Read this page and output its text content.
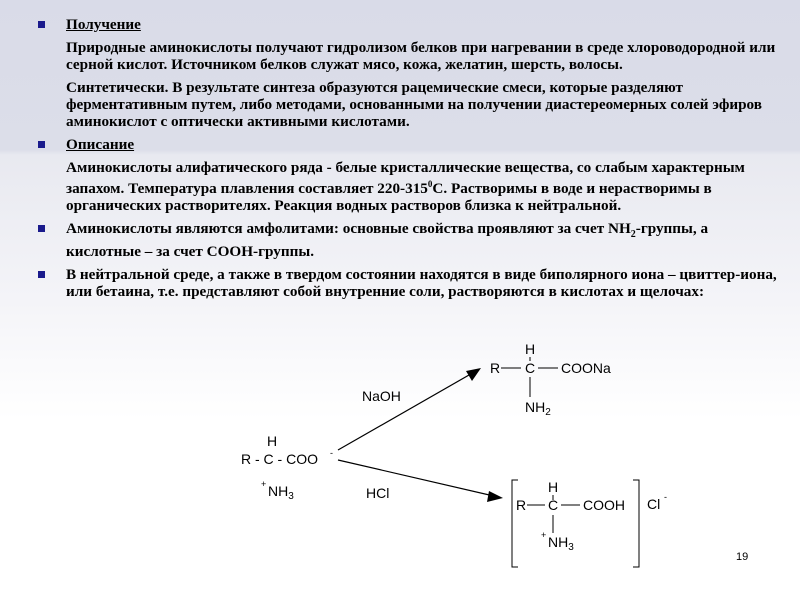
Получение
Природные аминокислоты получают гидролизом белков при нагревании в среде хлороводородной или серной кислот. Источником белков служат мясо, кожа, желатин, шерсть, волосы.
Синтетически. В результате синтеза образуются рацемические смеси, которые разделяют ферментативным путем, либо методами, основанными на получении диастереомерных солей эфиров аминокислот с оптически активными кислотами.
Описание
Аминокислоты алифатического ряда - белые кристаллические вещества, со слабым характерным запахом. Температура плавления составляет $220-315^0С$. Растворимы в воде и нерастворимы в органических растворителях. Реакция водных растворов близка к нейтральной.
Аминокислоты являются амфолитами: основные свойства проявляют за счет $NH_2$-группы, а кислотные – за счет COOH-группы.
В нейтральной среде, а также в твердом состоянии находятся в виде биполярного иона – цвиттер-иона, или бетаина, т.е. представляют собой внутренние соли, растворяются в кислотах и щелочах:
NaOH
HCl
H
R - C - COO -
+ $NH_3$
H
R C COONa
$NH_2$
H
R C COOH
+ $NH_3$
Cl -
19
